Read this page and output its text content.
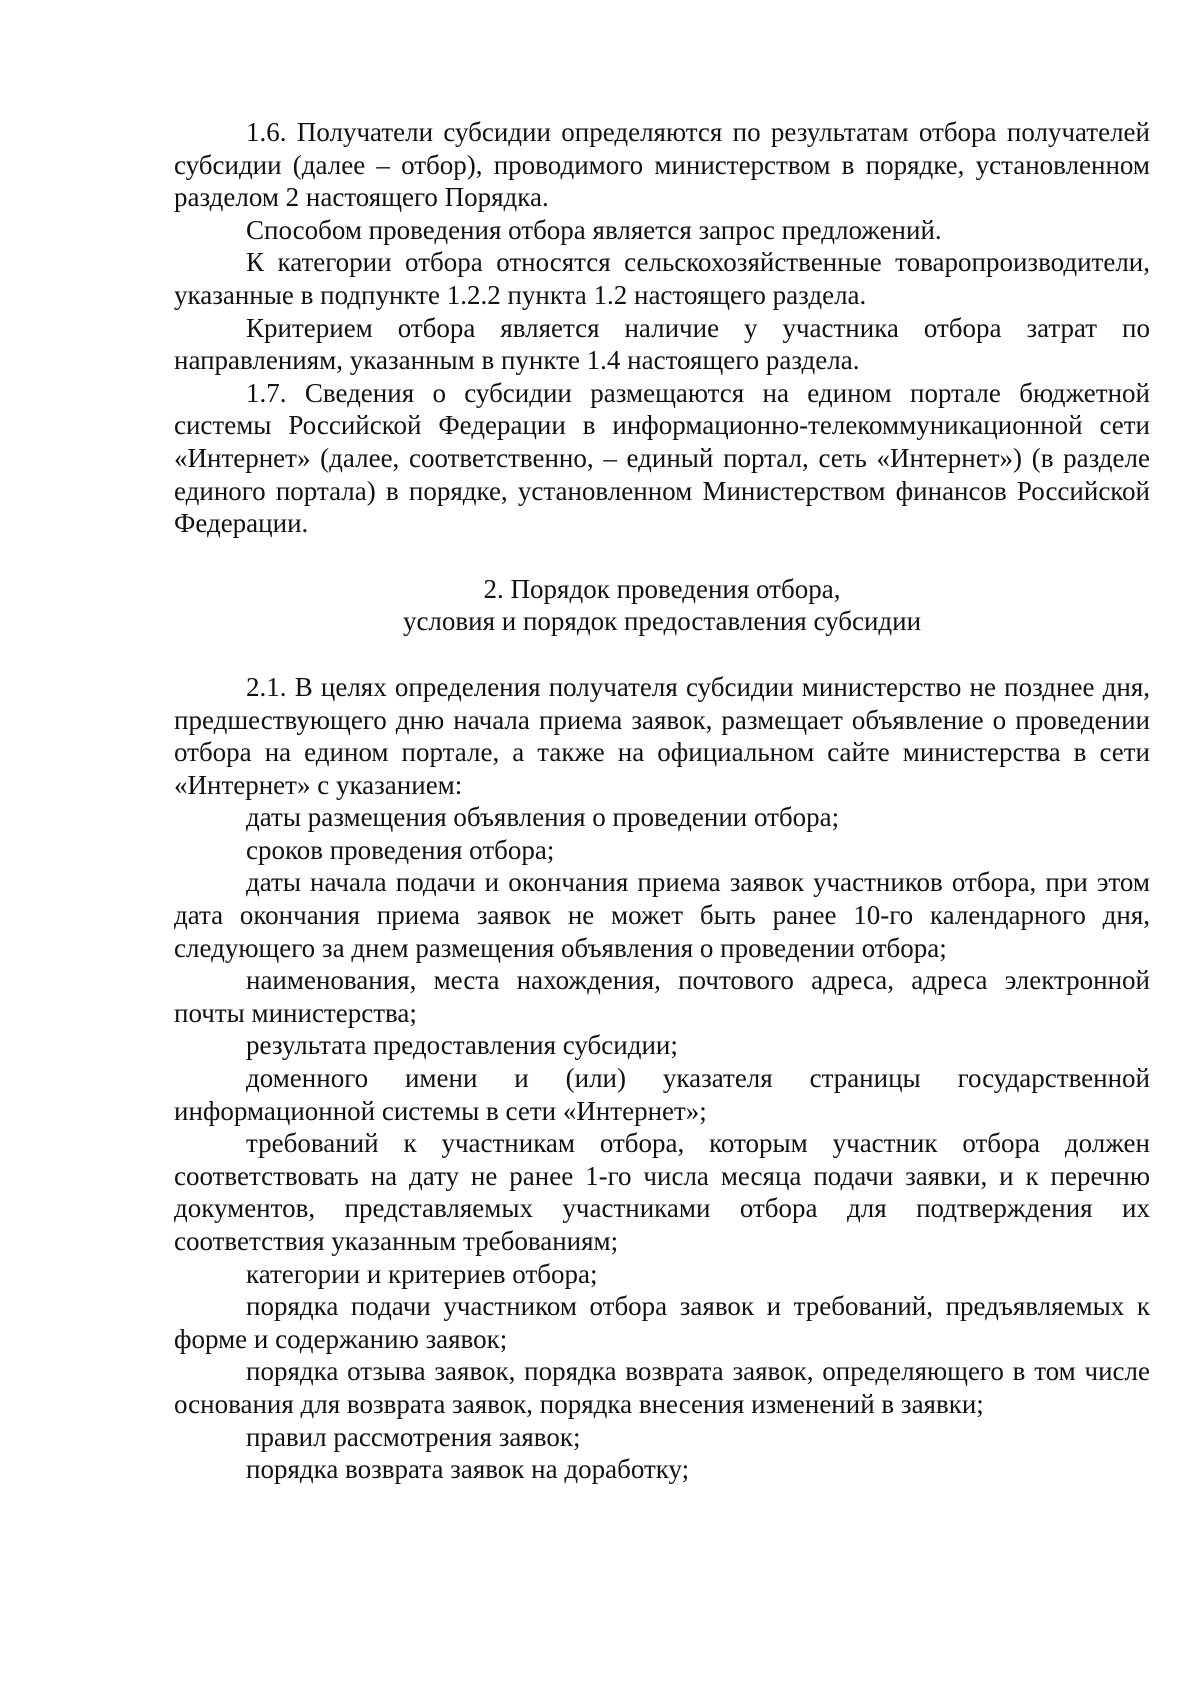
1.6. Получатели субсидии определяются по результатам отбора получателей субсидии (далее – отбор), проводимого министерством в порядке, установленном разделом 2 настоящего Порядка.

Способом проведения отбора является запрос предложений.

К категории отбора относятся сельскохозяйственные товаропроизводители, указанные в подпункте 1.2.2 пункта 1.2 настоящего раздела.

Критерием отбора является наличие у участника отбора затрат по направлениям, указанным в пункте 1.4 настоящего раздела.

1.7. Сведения о субсидии размещаются на едином портале бюджетной системы Российской Федерации в информационно-телекоммуникационной сети «Интернет» (далее, соответственно, – единый портал, сеть «Интернет») (в разделе единого портала) в порядке, установленном Министерством финансов Российской Федерации.

2. Порядок проведения отбора,

условия и порядок предоставления субсидии

2.1. В целях определения получателя субсидии министерство не позднее дня, предшествующего дню начала приема заявок, размещает объявление о проведении отбора на едином портале, а также на официальном сайте министерства в сети «Интернет» с указанием:

даты размещения объявления о проведении отбора;

сроков проведения отбора;

даты начала подачи и окончания приема заявок участников отбора, при этом дата окончания приема заявок не может быть ранее 10-го календарного дня, следующего за днем размещения объявления о проведении отбора;

наименования, места нахождения, почтового адреса, адреса электронной почты министерства;

результата предоставления субсидии;

доменного имени и (или) указателя страницы государственной информационной системы в сети «Интернет»;

требований к участникам отбора, которым участник отбора должен соответствовать на дату не ранее 1-го числа месяца подачи заявки, и к перечню документов, представляемых участниками отбора для подтверждения их соответствия указанным требованиям;

категории и критериев отбора;

порядка подачи участником отбора заявок и требований, предъявляемых к форме и содержанию заявок;

порядка отзыва заявок, порядка возврата заявок, определяющего в том числе основания для возврата заявок, порядка внесения изменений в заявки;

правил рассмотрения заявок;

порядка возврата заявок на доработку;
